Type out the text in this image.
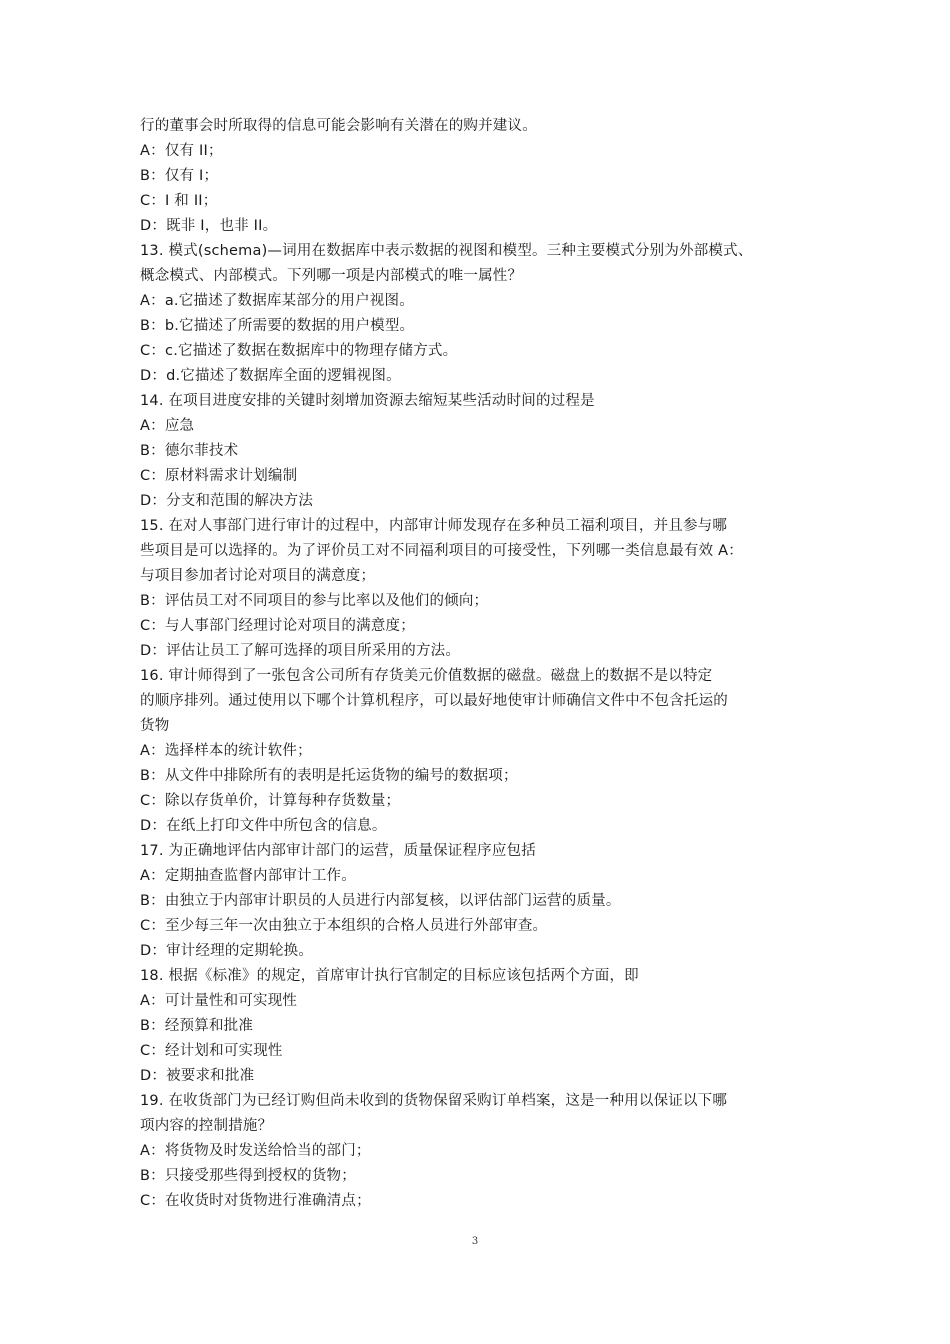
行的董事会时所取得的信息可能会影响有关潜在的购并建议。
A：仅有 II；
B：仅有 I；
C：I 和 II；
D：既非 I，也非 II。
13. 模式(schema)—词用在数据库中表示数据的视图和模型。三种主要模式分别为外部模式、
概念模式、内部模式。下列哪一项是内部模式的唯一属性？
A：a.它描述了数据库某部分的用户视图。
B：b.它描述了所需要的数据的用户模型。
C：c.它描述了数据在数据库中的物理存储方式。
D：d.它描述了数据库全面的逻辑视图。
14. 在项目进度安排的关键时刻增加资源去缩短某些活动时间的过程是
A：应急
B：德尔菲技术
C：原材料需求计划编制
D：分支和范围的解决方法
15. 在对人事部门进行审计的过程中，内部审计师发现存在多种员工福利项目，并且参与哪
些项目是可以选择的。为了评价员工对不同福利项目的可接受性，下列哪一类信息最有效 A：
与项目参加者讨论对项目的满意度；
B：评估员工对不同项目的参与比率以及他们的倾向；
C：与人事部门经理讨论对项目的满意度；
D：评估让员工了解可选择的项目所采用的方法。
16. 审计师得到了一张包含公司所有存货美元价值数据的磁盘。磁盘上的数据不是以特定
的顺序排列。通过使用以下哪个计算机程序，可以最好地使审计师确信文件中不包含托运的
货物
A：选择样本的统计软件；
B：从文件中排除所有的表明是托运货物的编号的数据项；
C：除以存货单价，计算每种存货数量；
D：在纸上打印文件中所包含的信息。
17. 为正确地评估内部审计部门的运营，质量保证程序应包括
A：定期抽查监督内部审计工作。
B：由独立于内部审计职员的人员进行内部复核，以评估部门运营的质量。
C：至少每三年一次由独立于本组织的合格人员进行外部审查。
D：审计经理的定期轮换。
18. 根据《标准》的规定，首席审计执行官制定的目标应该包括两个方面，即
A：可计量性和可实现性
B：经预算和批准
C：经计划和可实现性
D：被要求和批准
19. 在收货部门为已经订购但尚未收到的货物保留采购订单档案，这是一种用以保证以下哪
项内容的控制措施？
A：将货物及时发送给恰当的部门；
B：只接受那些得到授权的货物；
C：在收货时对货物进行准确清点；
3
